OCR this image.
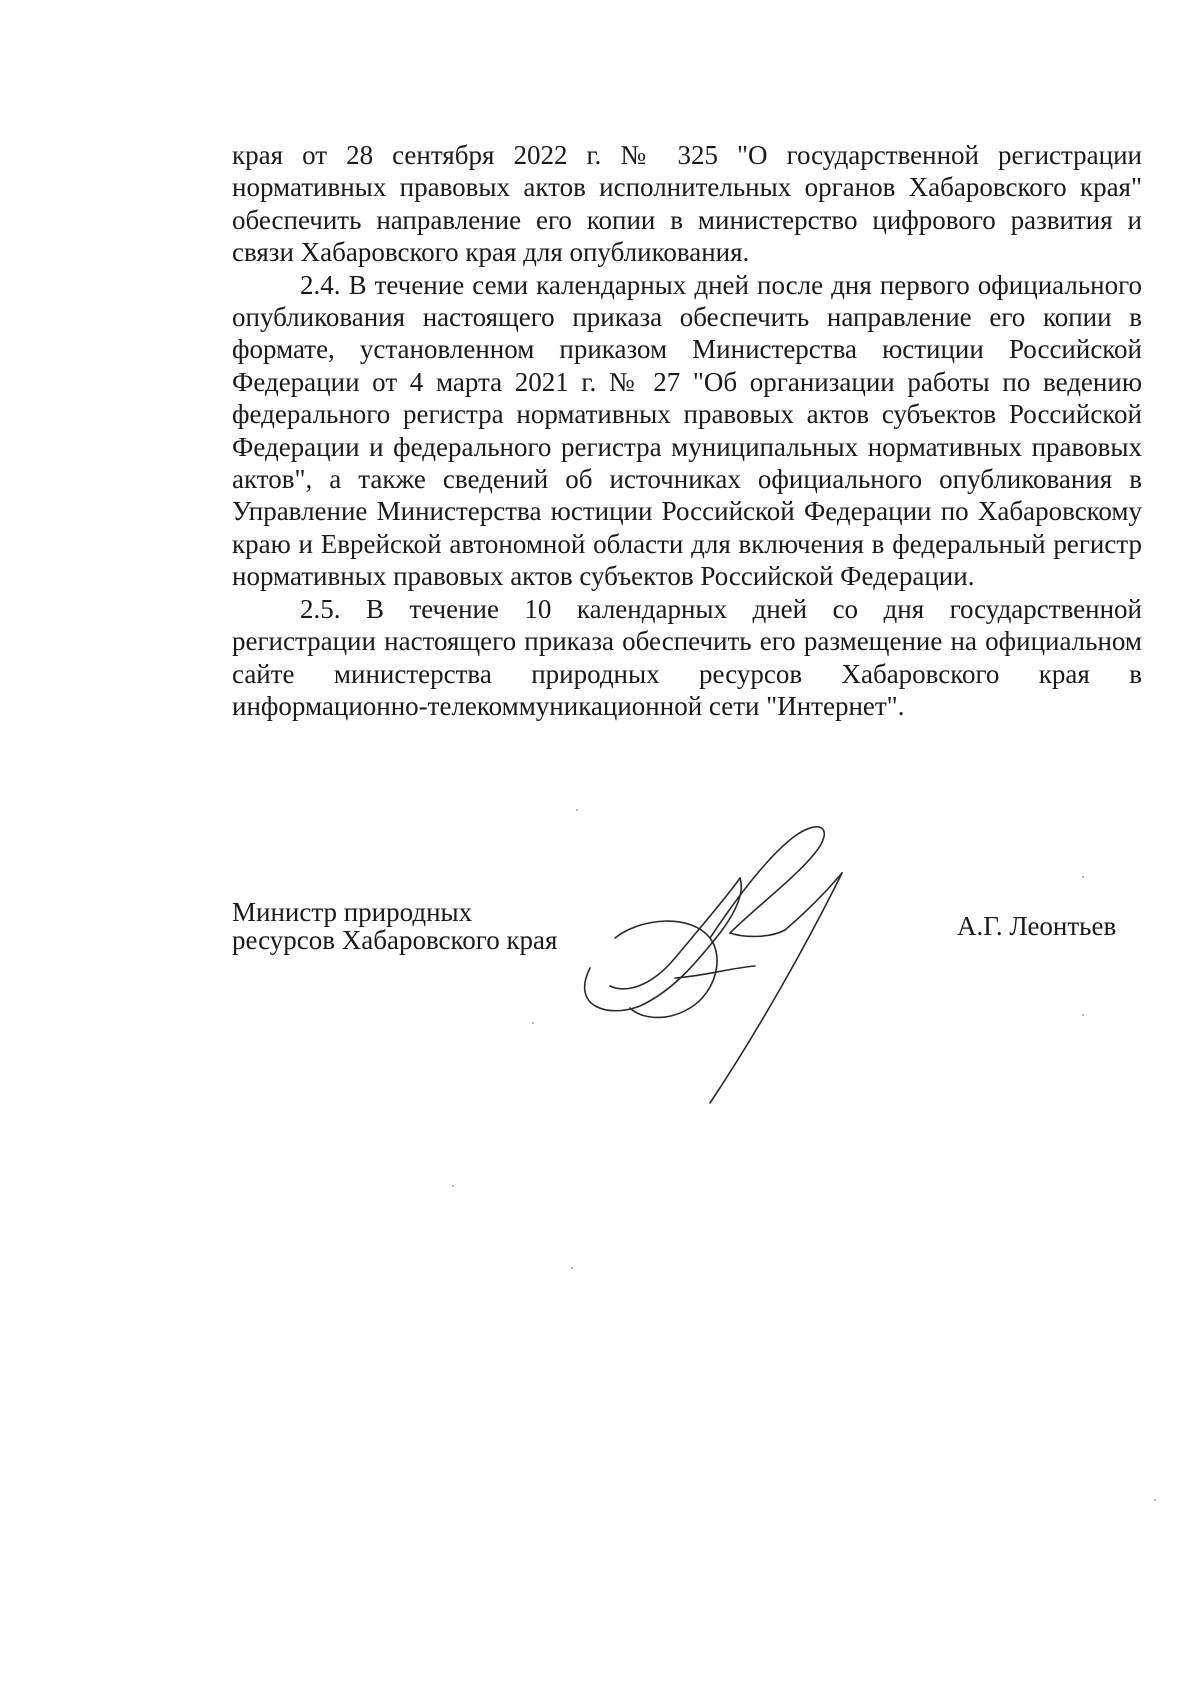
края от 28 сентября 2022 г. № 325 "О государственной регистрации нормативных правовых актов исполнительных органов Хабаровского края" обеспечить направление его копии в министерство цифрового развития и связи Хабаровского края для опубликования.

2.4. В течение семи календарных дней после дня первого официального опубликования настоящего приказа обеспечить направление его копии в формате, установленном приказом Министерства юстиции Российской Федерации от 4 марта 2021 г. № 27 "Об организации работы по ведению федерального регистра нормативных правовых актов субъектов Российской Федерации и федерального регистра муниципальных нормативных правовых актов", а также сведений об источниках официального опубликования в Управление Министерства юстиции Российской Федерации по Хабаровскому краю и Еврейской автономной области для включения в федеральный регистр нормативных правовых актов субъектов Российской Федерации.

2.5. В течение 10 календарных дней со дня государственной регистрации настоящего приказа обеспечить его размещение на официальном сайте министерства природных ресурсов Хабаровского края в информационно-телекоммуникационной сети "Интернет".

Министр природных
ресурсов Хабаровского края	А.Г. Леонтьев
